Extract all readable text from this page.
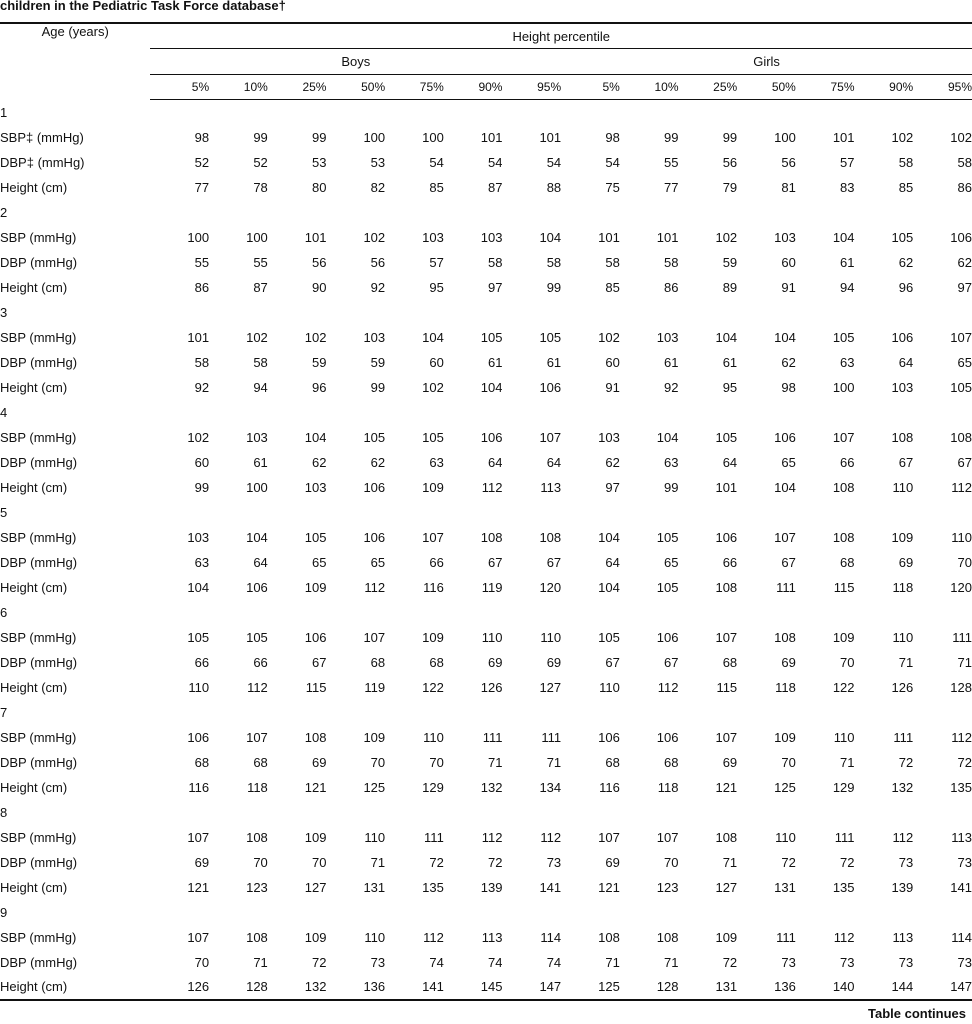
children in the Pediatric Task Force database†
Age (years)	Height percentile													
	Boys							Girls						
	5%	10%	25%	50%	75%	90%	95%	5%	10%	25%	50%	75%	90%	95%
1														
SBP‡ (mmHg)	98	99	99	100	100	101	101	98	99	99	100	101	102	102
DBP‡ (mmHg)	52	52	53	53	54	54	54	54	55	56	56	57	58	58
Height (cm)	77	78	80	82	85	87	88	75	77	79	81	83	85	86
2														
SBP (mmHg)	100	100	101	102	103	103	104	101	101	102	103	104	105	106
DBP (mmHg)	55	55	56	56	57	58	58	58	58	59	60	61	62	62
Height (cm)	86	87	90	92	95	97	99	85	86	89	91	94	96	97
3														
SBP (mmHg)	101	102	102	103	104	105	105	102	103	104	104	105	106	107
DBP (mmHg)	58	58	59	59	60	61	61	60	61	61	62	63	64	65
Height (cm)	92	94	96	99	102	104	106	91	92	95	98	100	103	105
4														
SBP (mmHg)	102	103	104	105	105	106	107	103	104	105	106	107	108	108
DBP (mmHg)	60	61	62	62	63	64	64	62	63	64	65	66	67	67
Height (cm)	99	100	103	106	109	112	113	97	99	101	104	108	110	112
5														
SBP (mmHg)	103	104	105	106	107	108	108	104	105	106	107	108	109	110
DBP (mmHg)	63	64	65	65	66	67	67	64	65	66	67	68	69	70
Height (cm)	104	106	109	112	116	119	120	104	105	108	111	115	118	120
6														
SBP (mmHg)	105	105	106	107	109	110	110	105	106	107	108	109	110	111
DBP (mmHg)	66	66	67	68	68	69	69	67	67	68	69	70	71	71
Height (cm)	110	112	115	119	122	126	127	110	112	115	118	122	126	128
7														
SBP (mmHg)	106	107	108	109	110	111	111	106	106	107	109	110	111	112
DBP (mmHg)	68	68	69	70	70	71	71	68	68	69	70	71	72	72
Height (cm)	116	118	121	125	129	132	134	116	118	121	125	129	132	135
8														
SBP (mmHg)	107	108	109	110	111	112	112	107	107	108	110	111	112	113
DBP (mmHg)	69	70	70	71	72	72	73	69	70	71	72	72	73	73
Height (cm)	121	123	127	131	135	139	141	121	123	127	131	135	139	141
9														
SBP (mmHg)	107	108	109	110	112	113	114	108	108	109	111	112	113	114
DBP (mmHg)	70	71	72	73	74	74	74	71	71	72	73	73	73	73
Height (cm)	126	128	132	136	141	145	147	125	128	131	136	140	144	147
Table continues
